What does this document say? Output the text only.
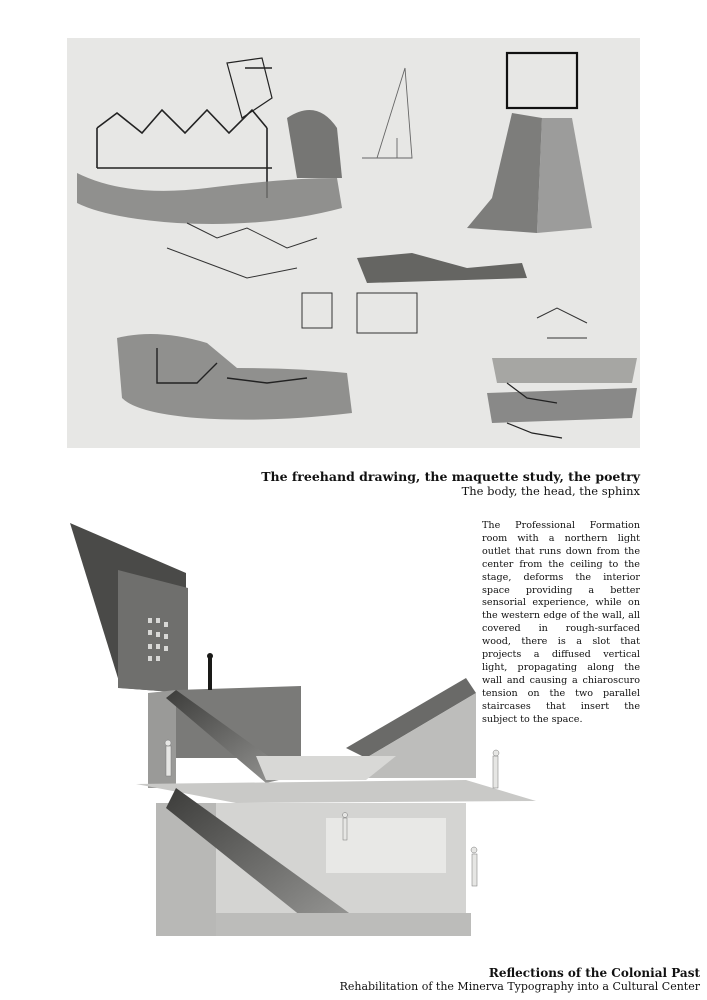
The freehand drawing, the maquette study, the poetry
The body, the head, the sphinx
The Professional Formation room with a northern light outlet that runs down from the center from the ceiling to the stage, deforms the interior space providing a better sensorial experience, while on the western edge of the wall, all covered in rough-surfaced wood, there is a slot that projects a diffused vertical light, propagating along the wall and causing a chiaroscuro tension on the two parallel staircases that insert the subject to the space.
Reflections of the Colonial Past
Rehabilitation of the Minerva Typography into a Cultural Center
